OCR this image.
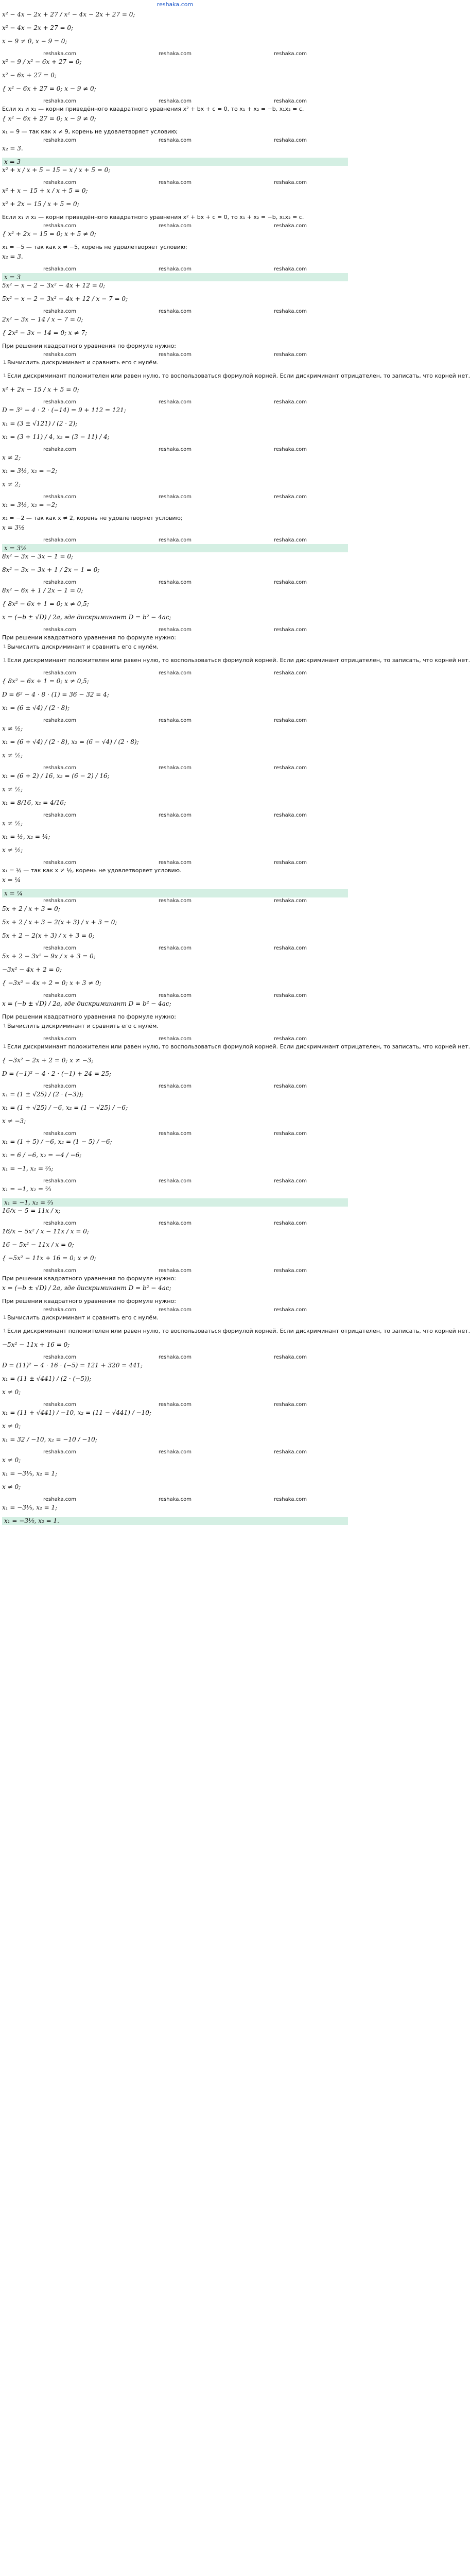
reshaka.com
x² − 4x − 2x + 27 / x² − 4x − 2x + 27 = 0;
x² − 4x − 2x + 27 = 0;
x − 9 ≠ 0, x − 9 = 0;
reshaka.com	reshaka.com	reshaka.com
x² − 9 / x² − 6x + 27 = 0;
x² − 6x + 27 = 0;
{ x² − 6x + 27 = 0; x − 9 ≠ 0;
reshaka.com	reshaka.com	reshaka.com
Если x₁ и x₂ — корни приведённого квадратного уравнения x² + bx + c = 0, то x₁ + x₂ = −b, x₁x₂ = c.
{ x² − 6x + 27 = 0; x − 9 ≠ 0;
x₁ = 9 — так как x ≠ 9, корень не удовлетворяет условию;
reshaka.com	reshaka.com	reshaka.com
x₂ = 3.
x = 3
x² + x / x + 5 − 15 − x / x + 5 = 0;
reshaka.com	reshaka.com	reshaka.com
x² + x − 15 + x / x + 5 = 0;
x² + 2x − 15 / x + 5 = 0;
Если x₁ и x₂ — корни приведённого квадратного уравнения x² + bx + c = 0, то x₁ + x₂ = −b, x₁x₂ = c.
reshaka.com	reshaka.com	reshaka.com
{ x² + 2x − 15 = 0; x + 5 ≠ 0;
x₁ = −5 — так как x ≠ −5, корень не удовлетворяет условию;
x₂ = 3.
reshaka.com	reshaka.com	reshaka.com
x = 3
5x² − x − 2 − 3x² − 4x + 12 = 0;
5x² − x − 2 − 3x² − 4x + 12 / x − 7 = 0;
reshaka.com	reshaka.com	reshaka.com
2x² − 3x − 14 / x − 7 = 0;
{ 2x² − 3x − 14 = 0; x ≠ 7;
При решении квадратного уравнения по формуле нужно:
reshaka.com	reshaka.com	reshaka.com
1 Вычислить дискриминант и сравнить его с нулём.
1 Если дискриминант положителен или равен нулю, то воспользоваться формулой корней. Если дискриминант отрицателен, то записать, что корней нет.
x² + 2x − 15 / x + 5 = 0;
reshaka.com	reshaka.com	reshaka.com
D = 3² − 4 · 2 · (−14) = 9 + 112 = 121;
x₁ = (3 ± √121) / (2 · 2);
x₁ = (3 + 11) / 4, x₂ = (3 − 11) / 4;
reshaka.com	reshaka.com	reshaka.com
x ≠ 2;
x₁ = 3½, x₂ = −2;
x ≠ 2;
reshaka.com	reshaka.com	reshaka.com
x₁ = 3½, x₂ = −2;
x₂ = −2 — так как x ≠ 2, корень не удовлетворяет условию;
x = 3½
reshaka.com	reshaka.com	reshaka.com
x = 3½
8x² − 3x − 3x − 1 = 0;
8x² − 3x − 3x + 1 / 2x − 1 = 0;
reshaka.com	reshaka.com	reshaka.com
8x² − 6x + 1 / 2x − 1 = 0;
{ 8x² − 6x + 1 = 0; x ≠ 0,5;
x = (−b ± √D) / 2a, где дискриминант D = b² − 4ac;
reshaka.com	reshaka.com	reshaka.com
При решении квадратного уравнения по формуле нужно:
1 Вычислить дискриминант и сравнить его с нулём.
1 Если дискриминант положителен или равен нулю, то воспользоваться формулой корней. Если дискриминант отрицателен, то записать, что корней нет.
reshaka.com	reshaka.com	reshaka.com
{ 8x² − 6x + 1 = 0; x ≠ 0,5;
D = 6² − 4 · 8 · (1) = 36 − 32 = 4;
x₁ = (6 ± √4) / (2 · 8);
reshaka.com	reshaka.com	reshaka.com
x ≠ ½;
x₁ = (6 + √4) / (2 · 8), x₂ = (6 − √4) / (2 · 8);
x ≠ ½;
reshaka.com	reshaka.com	reshaka.com
x₁ = (6 + 2) / 16, x₂ = (6 − 2) / 16;
x ≠ ½;
x₁ = 8/16, x₂ = 4/16;
reshaka.com	reshaka.com	reshaka.com
x ≠ ½;
x₁ = ½, x₂ = ¼;
x ≠ ½;
reshaka.com	reshaka.com	reshaka.com
x₁ = ½ — так как x ≠ ½, корень не удовлетворяет условию.
x = ¼
x = ¼
reshaka.com	reshaka.com	reshaka.com
5x + 2 / x + 3 = 0;
5x + 2 / x + 3 − 2(x + 3) / x + 3 = 0;
5x + 2 − 2(x + 3) / x + 3 = 0;
reshaka.com	reshaka.com	reshaka.com
5x + 2 − 3x² − 9x / x + 3 = 0;
−3x² − 4x + 2 = 0;
{ −3x² − 4x + 2 = 0; x + 3 ≠ 0;
reshaka.com	reshaka.com	reshaka.com
x = (−b ± √D) / 2a, где дискриминант D = b² − 4ac;
При решении квадратного уравнения по формуле нужно:
1 Вычислить дискриминант и сравнить его с нулём.
reshaka.com	reshaka.com	reshaka.com
1 Если дискриминант положителен или равен нулю, то воспользоваться формулой корней. Если дискриминант отрицателен, то записать, что корней нет.
{ −3x² − 2x + 2 = 0; x ≠ −3;
D = (−1)² − 4 · 2 · (−1) + 24 = 25;
reshaka.com	reshaka.com	reshaka.com
x₁ = (1 ± √25) / (2 · (−3));
x₁ = (1 + √25) / −6, x₂ = (1 − √25) / −6;
x ≠ −3;
reshaka.com	reshaka.com	reshaka.com
x₁ = (1 + 5) / −6, x₂ = (1 − 5) / −6;
x₁ = 6 / −6, x₂ = −4 / −6;
x₁ = −1, x₂ = ⅔;
reshaka.com	reshaka.com	reshaka.com
x₁ = −1, x₂ = ⅔
x₁ = −1, x₂ = ⅔
16/x − 5 = 11x / x;
reshaka.com	reshaka.com	reshaka.com
16/x − 5x² / x − 11x / x = 0;
16 − 5x² − 11x / x = 0;
{ −5x² − 11x + 16 = 0; x ≠ 0;
reshaka.com	reshaka.com	reshaka.com
При решении квадратного уравнения по формуле нужно:
x = (−b ± √D) / 2a, где дискриминант D = b² − 4ac;
При решении квадратного уравнения по формуле нужно:
reshaka.com	reshaka.com	reshaka.com
1 Вычислить дискриминант и сравнить его с нулём.
1 Если дискриминант положителен или равен нулю, то воспользоваться формулой корней. Если дискриминант отрицателен, то записать, что корней нет.
−5x² − 11x + 16 = 0;
reshaka.com	reshaka.com	reshaka.com
D = (11)² − 4 · 16 · (−5) = 121 + 320 = 441;
x₁ = (11 ± √441) / (2 · (−5));
x ≠ 0;
reshaka.com	reshaka.com	reshaka.com
x₁ = (11 + √441) / −10, x₂ = (11 − √441) / −10;
x ≠ 0;
x₁ = 32 / −10, x₂ = −10 / −10;
reshaka.com	reshaka.com	reshaka.com
x ≠ 0;
x₁ = −3⅕, x₂ = 1;
x ≠ 0;
reshaka.com	reshaka.com	reshaka.com
x₁ = −3⅕, x₂ = 1;
x₁ = −3⅕, x₂ = 1.
